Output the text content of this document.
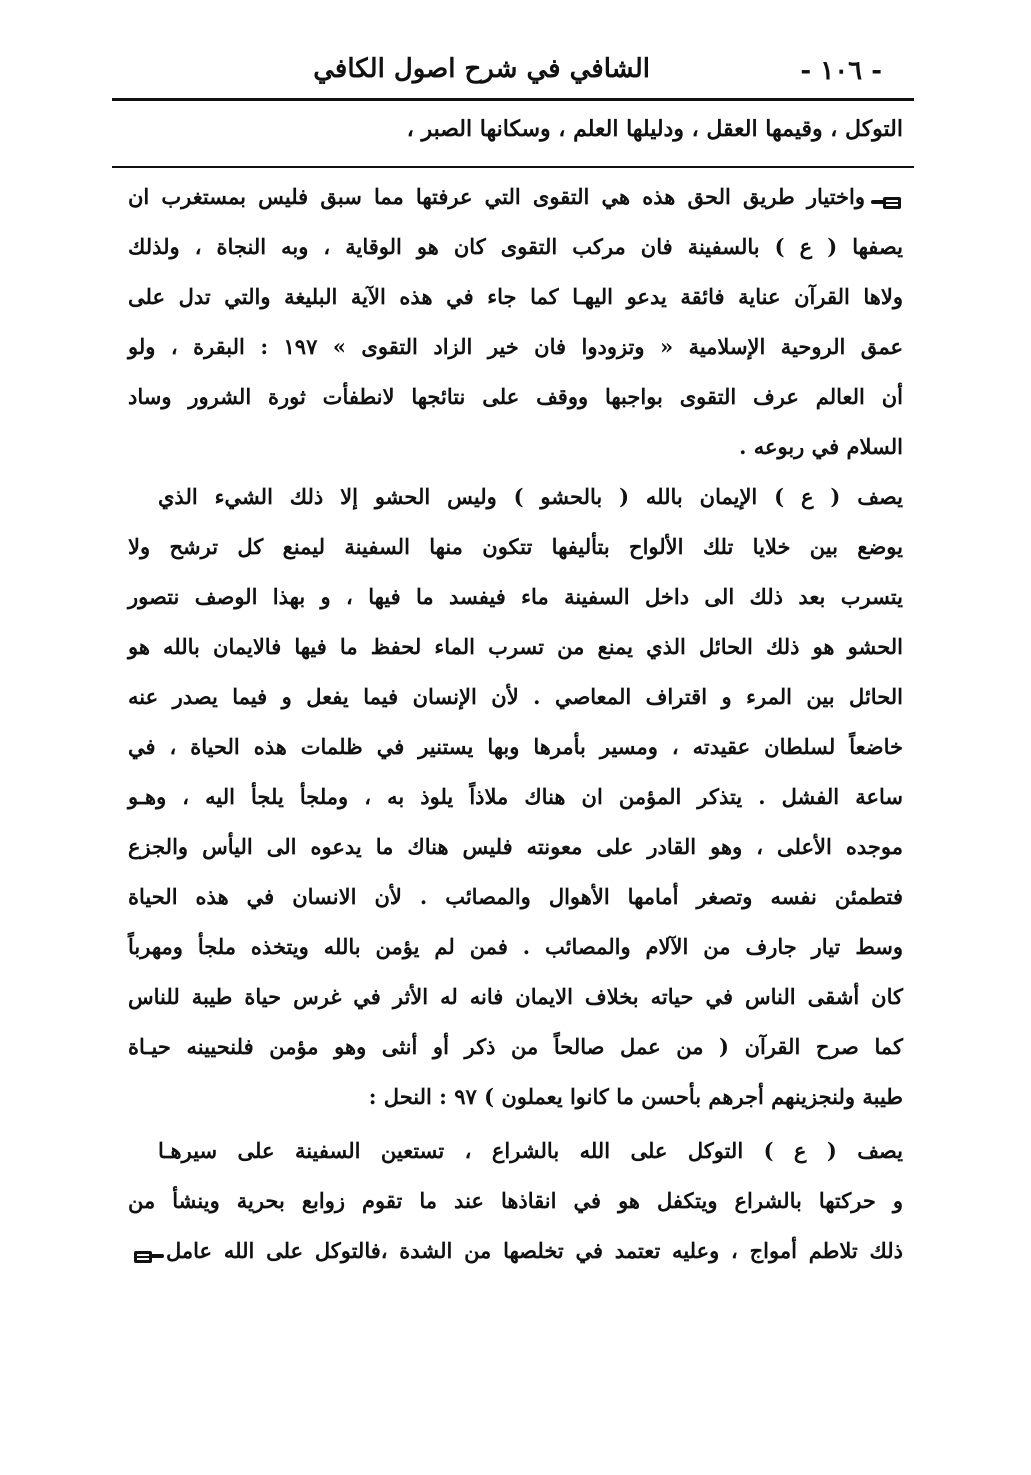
- ١٠٦ -
الشافي في شرح اصول الكافي
التوكل ، وقيمها العقل ، ودليلها العلم ، وسكانها الصبر ،
واختيار طريق الحق هذه هي التقوى التي عرفتها مما سبق فليس بمستغرب ان
يصفها ( ع ) بالسفينة فان مركب التقوى كان هو الوقاية ، وبه النجاة ، ولذلك
ولاها القرآن عناية فائقة يدعو اليهـا كما جاء في هذه الآية البليغة والتي تدل على
عمق الروحية الإسلامية « وتزودوا فان خير الزاد التقوى » ١٩٧ : البقرة ، ولو
أن العالم عرف التقوى بواجبها ووقف على نتائجها لانطفأت ثورة الشرور وساد
السلام في ربوعه .
يصف ( ع ) الإيمان بالله ( بالحشو ) وليس الحشو إلا ذلك الشيء الذي
يوضع بين خلايا تلك الألواح بتأليفها تتكون منها السفينة ليمنع كل ترشح ولا
يتسرب بعد ذلك الى داخل السفينة ماء فيفسد ما فيها ، و بهذا الوصف نتصور
الحشو هو ذلك الحائل الذي يمنع من تسرب الماء لحفظ ما فيها فالايمان بالله هو
الحائل بين المرء و اقتراف المعاصي . لأن الإنسان فيما يفعل و فيما يصدر عنه
خاضعاً لسلطان عقيدته ، ومسير بأمرها وبها يستنير في ظلمات هذه الحياة ، في
ساعة الفشل . يتذكر المؤمن ان هناك ملاذاً يلوذ به ، وملجأ يلجأ اليه ، وهـو
موجده الأعلى ، وهو القادر على معونته فليس هناك ما يدعوه الى اليأس والجزع
فتطمئن نفسه وتصغر أمامها الأهوال والمصائب . لأن الانسان في هذه الحياة
وسط تيار جارف من الآلام والمصائب . فمن لم يؤمن بالله ويتخذه ملجأ ومهرباً
كان أشقى الناس في حياته بخلاف الايمان فانه له الأثر في غرس حياة طيبة للناس
كما صرح القرآن ( من عمل صالحاً من ذكر أو أنثى وهو مؤمن فلنحيينه حيـاة
طيبة ولنجزينهم أجرهم بأحسن ما كانوا يعملون ) ٩٧ : النحل :
يصف ( ع ) التوكل على الله بالشراع ، تستعين السفينة على سيرهـا
و حركتها بالشراع ويتكفل هو في انقاذها عند ما تقوم زوابع بحرية وينشأ من
ذلك تلاطم أمواج ، وعليه تعتمد في تخلصها من الشدة ،فالتوكل على الله عامل
